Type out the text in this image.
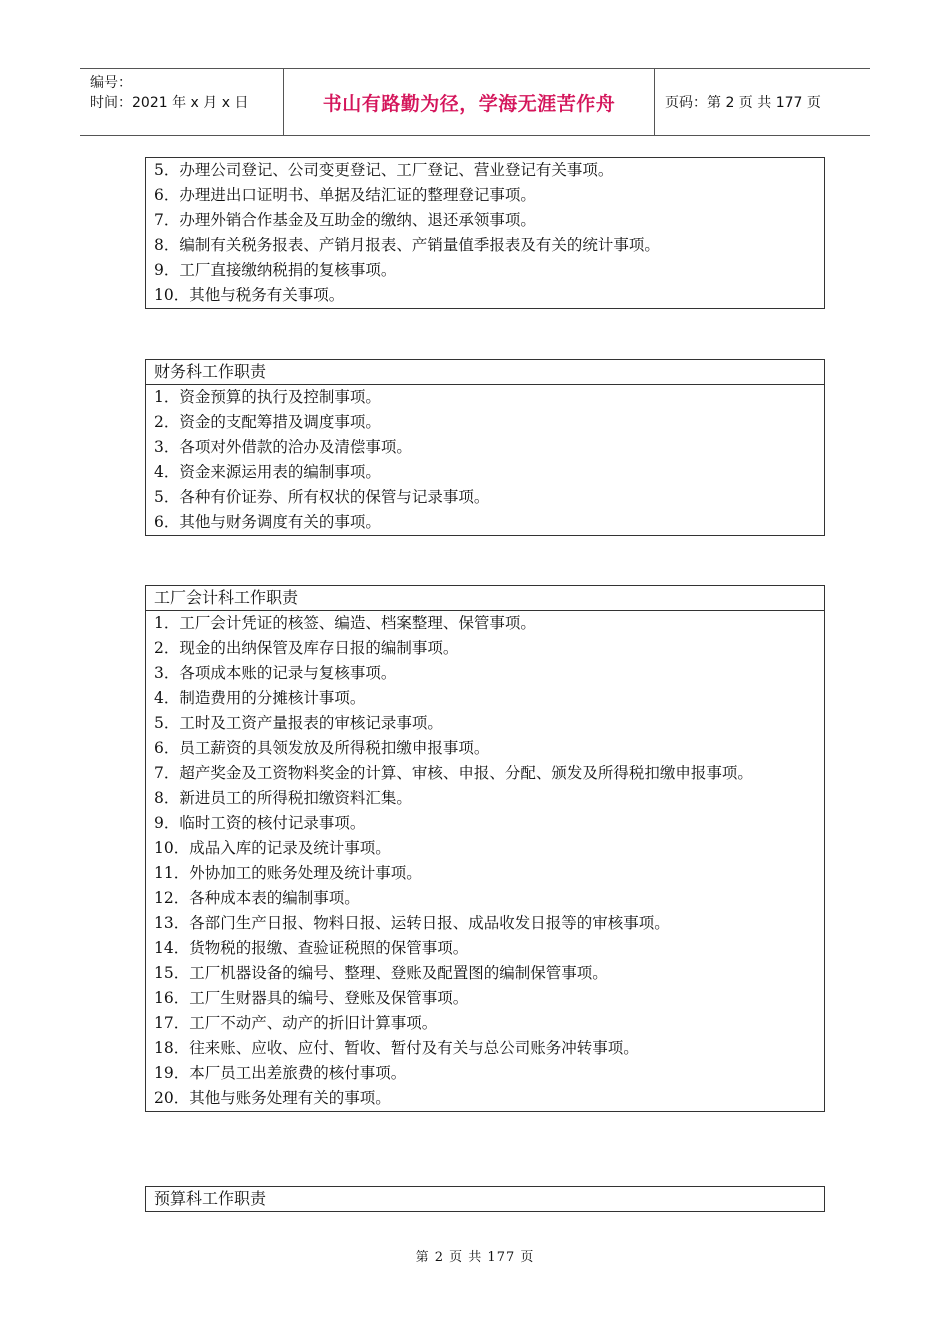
编号：
时间：2021 年 x 月 x 日	书山有路勤为径，学海无涯苦作舟	页码：第 2 页 共 177 页
5．办理公司登记、公司变更登记、工厂登记、营业登记有关事项。
6．办理进出口证明书、单据及结汇证的整理登记事项。
7．办理外销合作基金及互助金的缴纳、退还承领事项。
8．编制有关税务报表、产销月报表、产销量值季报表及有关的统计事项。
9．工厂直接缴纳税捐的复核事项。
10．其他与税务有关事项。
财务科工作职责
1．资金预算的执行及控制事项。
2．资金的支配筹措及调度事项。
3．各项对外借款的洽办及清偿事项。
4．资金来源运用表的编制事项。
5．各种有价证券、所有权状的保管与记录事项。
6．其他与财务调度有关的事项。
工厂会计科工作职责
1．工厂会计凭证的核签、编造、档案整理、保管事项。
2．现金的出纳保管及库存日报的编制事项。
3．各项成本账的记录与复核事项。
4．制造费用的分摊核计事项。
5．工时及工资产量报表的审核记录事项。
6．员工薪资的具领发放及所得税扣缴申报事项。
7．超产奖金及工资物料奖金的计算、审核、申报、分配、颁发及所得税扣缴申报事项。
8．新进员工的所得税扣缴资料汇集。
9．临时工资的核付记录事项。
10．成品入库的记录及统计事项。
11．外协加工的账务处理及统计事项。
12．各种成本表的编制事项。
13．各部门生产日报、物料日报、运转日报、成品收发日报等的审核事项。
14．货物税的报缴、查验证税照的保管事项。
15．工厂机器设备的编号、整理、登账及配置图的编制保管事项。
16．工厂生财器具的编号、登账及保管事项。
17．工厂不动产、动产的折旧计算事项。
18．往来账、应收、应付、暂收、暂付及有关与总公司账务冲转事项。
19．本厂员工出差旅费的核付事项。
20．其他与账务处理有关的事项。
预算科工作职责
第 2 页 共 177 页
